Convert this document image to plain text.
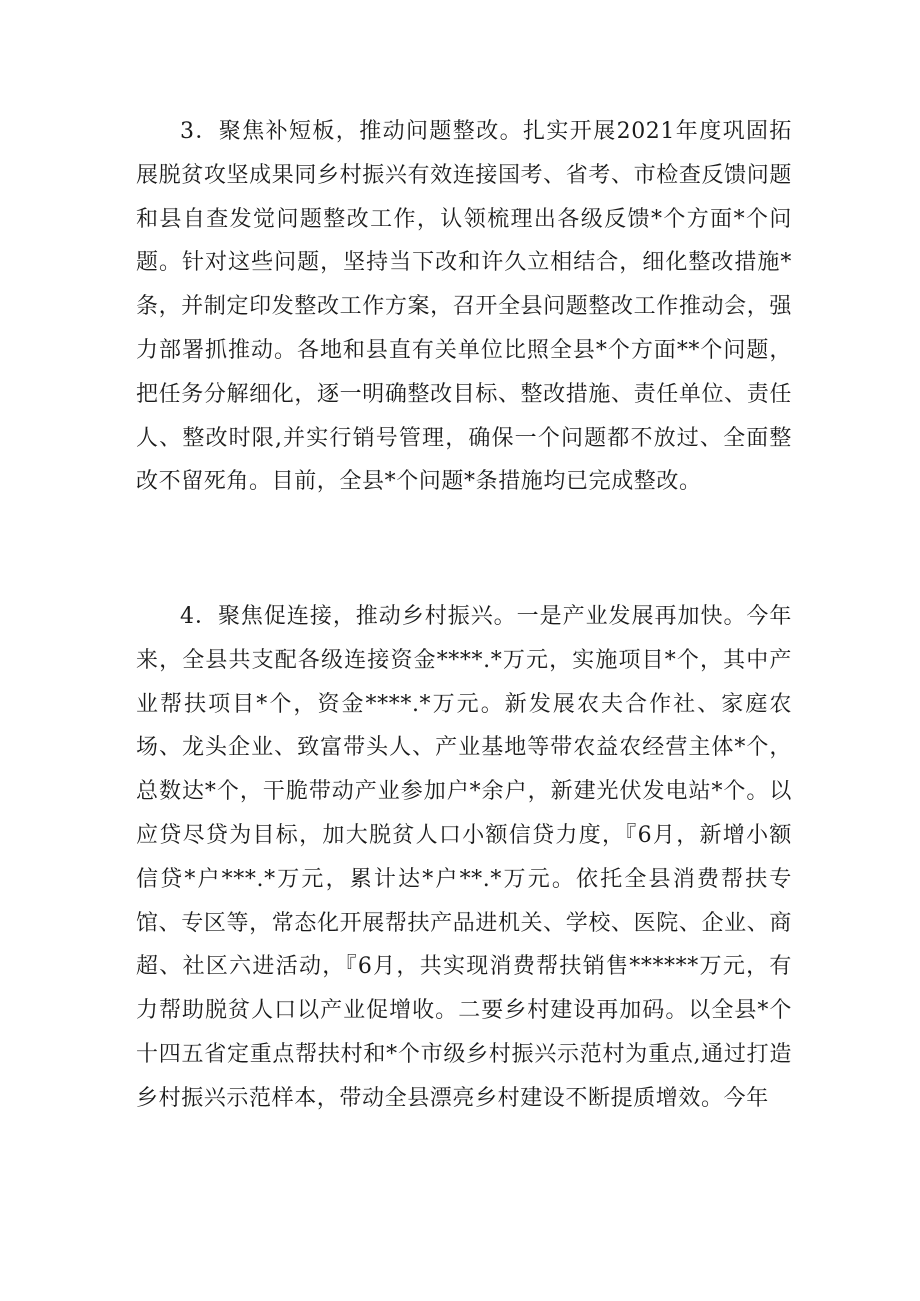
3．聚焦补短板，推动问题整改。扎实开展2021年度巩固拓展脱贫攻坚成果同乡村振兴有效连接国考、省考、市检查反馈问题和县自查发觉问题整改工作，认领梳理出各级反馈*个方面*个问题。针对这些问题，坚持当下改和许久立相结合，细化整改措施*条，并制定印发整改工作方案，召开全县问题整改工作推动会，强力部署抓推动。各地和县直有关单位比照全县*个方面**个问题，把任务分解细化，逐一明确整改目标、整改措施、责任单位、责任人、整改时限,并实行销号管理，确保一个问题都不放过、全面整改不留死角。目前，全县*个问题*条措施均已完成整改。

4．聚焦促连接，推动乡村振兴。一是产业发展再加快。今年来，全县共支配各级连接资金****.*万元，实施项目*个，其中产业帮扶项目*个，资金****.*万元。新发展农夫合作社、家庭农场、龙头企业、致富带头人、产业基地等带农益农经营主体*个，总数达*个，干脆带动产业参加户*余户，新建光伏发电站*个。以应贷尽贷为目标，加大脱贫人口小额信贷力度，『6月，新增小额信贷*户***.*万元，累计达*户**.*万元。依托全县消费帮扶专馆、专区等，常态化开展帮扶产品进机关、学校、医院、企业、商超、社区六进活动，『6月，共实现消费帮扶销售******万元，有力帮助脱贫人口以产业促增收。二要乡村建设再加码。以全县*个十四五省定重点帮扶村和*个市级乡村振兴示范村为重点,通过打造乡村振兴示范样本，带动全县漂亮乡村建设不断提质增效。今年
